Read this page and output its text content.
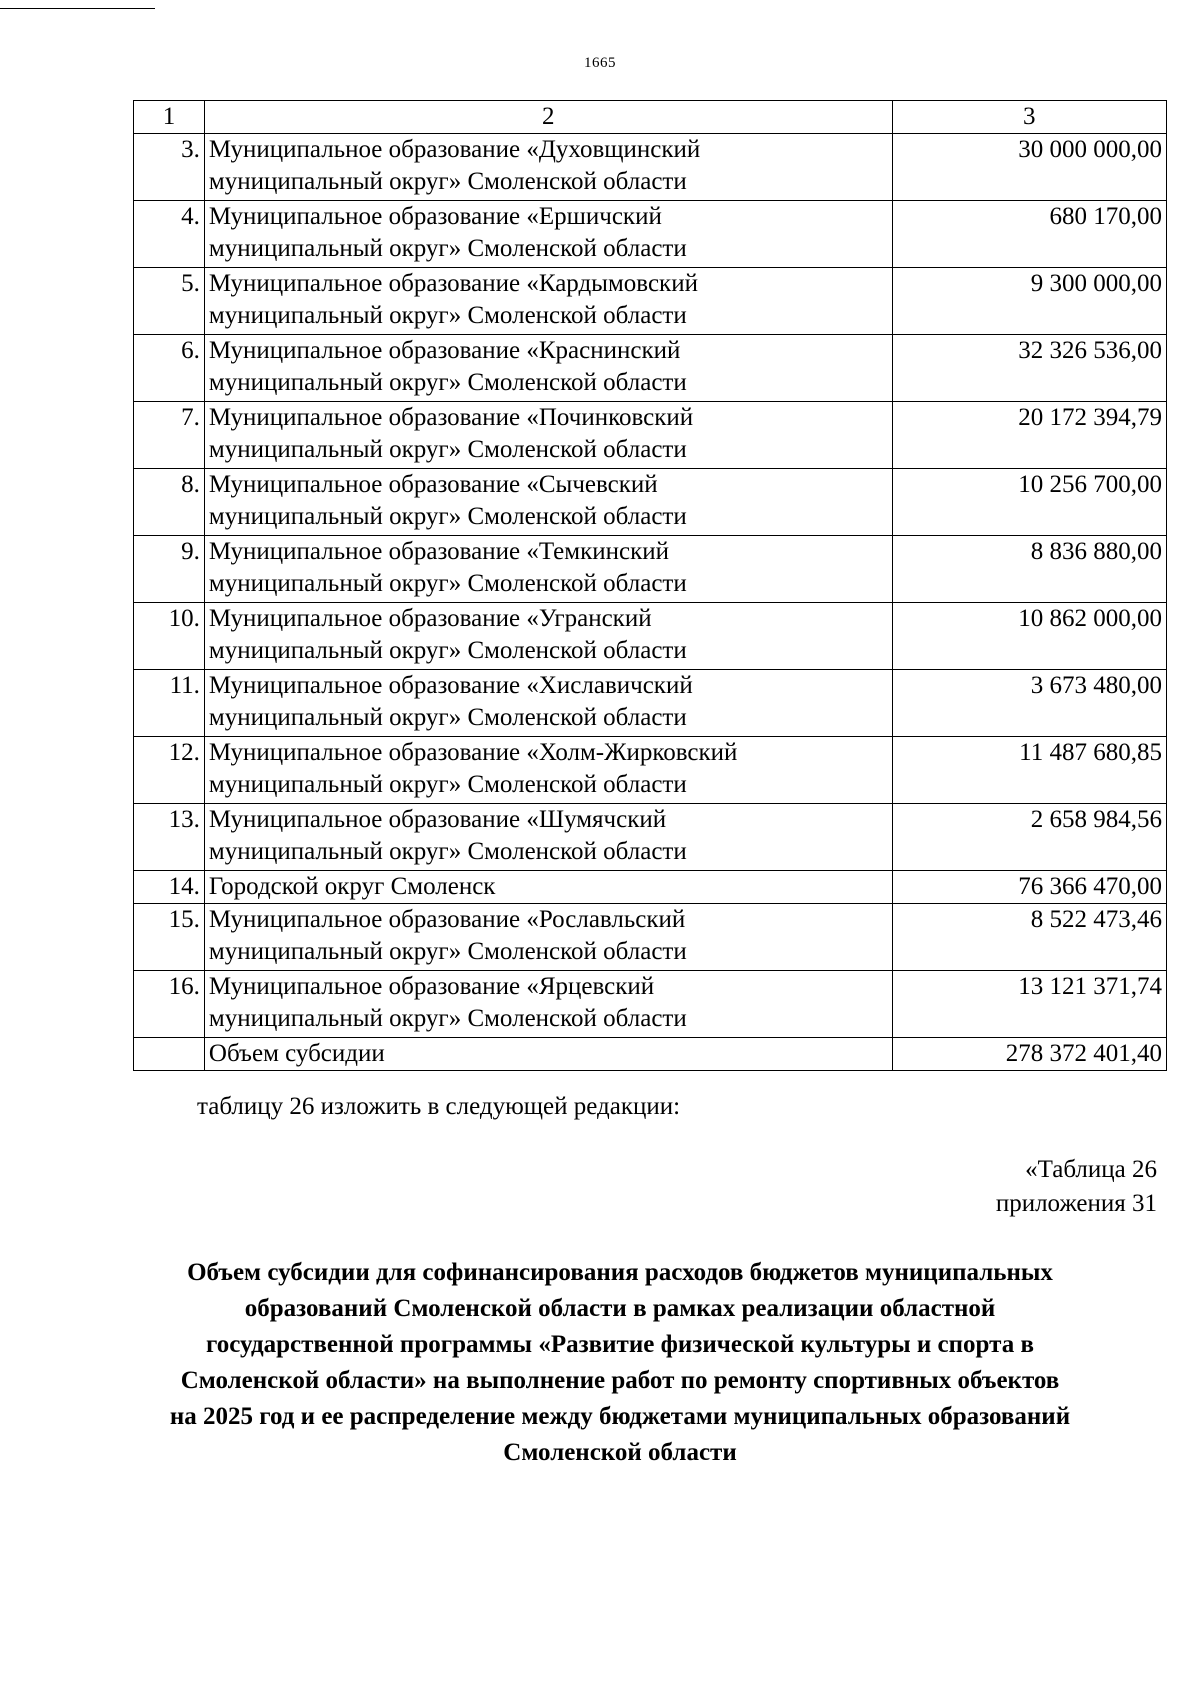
1665
1	2	3
3.	Муниципальное образование «Духовщинский
муниципальный округ» Смоленской области	30 000 000,00
4.	Муниципальное образование «Ершичский
муниципальный округ» Смоленской области	680 170,00
5.	Муниципальное образование «Кардымовский
муниципальный округ» Смоленской области	9 300 000,00
6.	Муниципальное образование «Краснинский
муниципальный округ» Смоленской области	32 326 536,00
7.	Муниципальное образование «Починковский
муниципальный округ» Смоленской области	20 172 394,79
8.	Муниципальное образование «Сычевский
муниципальный округ» Смоленской области	10 256 700,00
9.	Муниципальное образование «Темкинский
муниципальный округ» Смоленской области	8 836 880,00
10.	Муниципальное образование «Угранский
муниципальный округ» Смоленской области	10 862 000,00
11.	Муниципальное образование «Хиславичский
муниципальный округ» Смоленской области	3 673 480,00
12.	Муниципальное образование «Холм-Жирковский
муниципальный округ» Смоленской области	11 487 680,85
13.	Муниципальное образование «Шумячский
муниципальный округ» Смоленской области	2 658 984,56
14.	Городской округ Смоленск	76 366 470,00
15.	Муниципальное образование «Рославльский
муниципальный округ» Смоленской области	8 522 473,46
16.	Муниципальное образование «Ярцевский
муниципальный округ» Смоленской области	13 121 371,74
	Объем субсидии	278 372 401,40
таблицу 26 изложить в следующей редакции:
«Таблица 26
приложения 31
Объем субсидии для софинансирования расходов бюджетов муниципальных
образований Смоленской области в рамках реализации областной
государственной программы «Развитие физической культуры и спорта в
Смоленской области» на выполнение работ по ремонту спортивных объектов
на 2025 год и ее распределение между бюджетами муниципальных образований
Смоленской области
